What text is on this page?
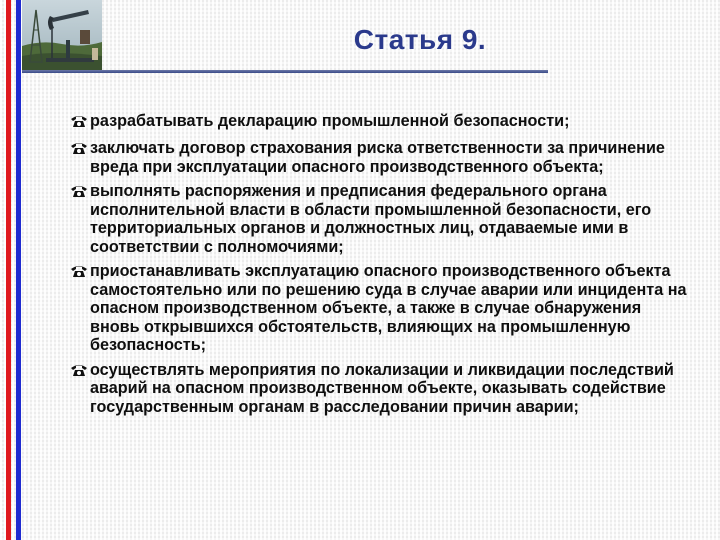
Статья 9.
разрабатывать декларацию промышленной безопасности;
заключать договор страхования риска ответственности за причинение вреда при эксплуатации опасного производственного объекта;
выполнять распоряжения и предписания федерального органа исполнительной власти в области промышленной безопасности, его территориальных органов и должностных лиц, отдаваемые ими в соответствии с полномочиями;
приостанавливать эксплуатацию опасного производственного объекта самостоятельно или по решению суда в случае аварии или инцидента на опасном производственном объекте, а также в случае обнаружения вновь открывшихся обстоятельств, влияющих на промышленную безопасность;
осуществлять мероприятия по локализации и ликвидации последствий аварий на опасном производственном объекте, оказывать содействие государственным органам в расследовании причин аварии;
